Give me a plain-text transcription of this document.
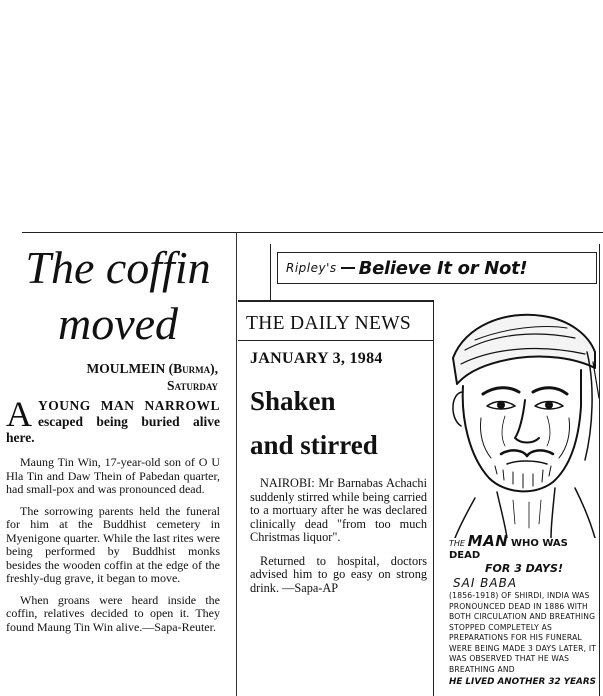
The coffin
moved
MOULMEIN (Burma),
Saturday

A YOUNG MAN NARROWL escaped being buried alive here.

Maung Tin Win, 17-year-old son of O U Hla Tin and Daw Thein of Pabedan quarter, had small-pox and was pronounced dead.

The sorrowing parents held the funeral for him at the Buddhist cemetery in Myenigone quarter. While the last rites were being performed by Buddhist monks besides the wooden coffin at the edge of the freshly-dug grave, it began to move.

When groans were heard inside the coffin, relatives decided to open it. They found Maung Tin Win alive.—Sapa-Reuter.

Ripley's Believe It or Not!
THE MAN WHO WAS DEAD
FOR 3 DAYS!
SAI BABA
(1856-1918) OF SHIRDI, INDIA WAS PRONOUNCED DEAD IN 1886 WITH BOTH CIRCULATION AND BREATHING STOPPED COMPLETELY AS PREPARATIONS FOR HIS FUNERAL WERE BEING MADE 3 DAYS LATER, IT WAS OBSERVED THAT HE WAS BREATHING AND
HE LIVED ANOTHER 32 YEARS
THE DAILY NEWS
JANUARY 3, 1984
Shaken
and stirred

NAIROBI: Mr Barnabas Achachi suddenly stirred while being carried to a mortuary after he was declared clinically dead "from too much Christmas liquor".

Returned to hospital, doctors advised him to go easy on strong drink. —Sapa-AP
